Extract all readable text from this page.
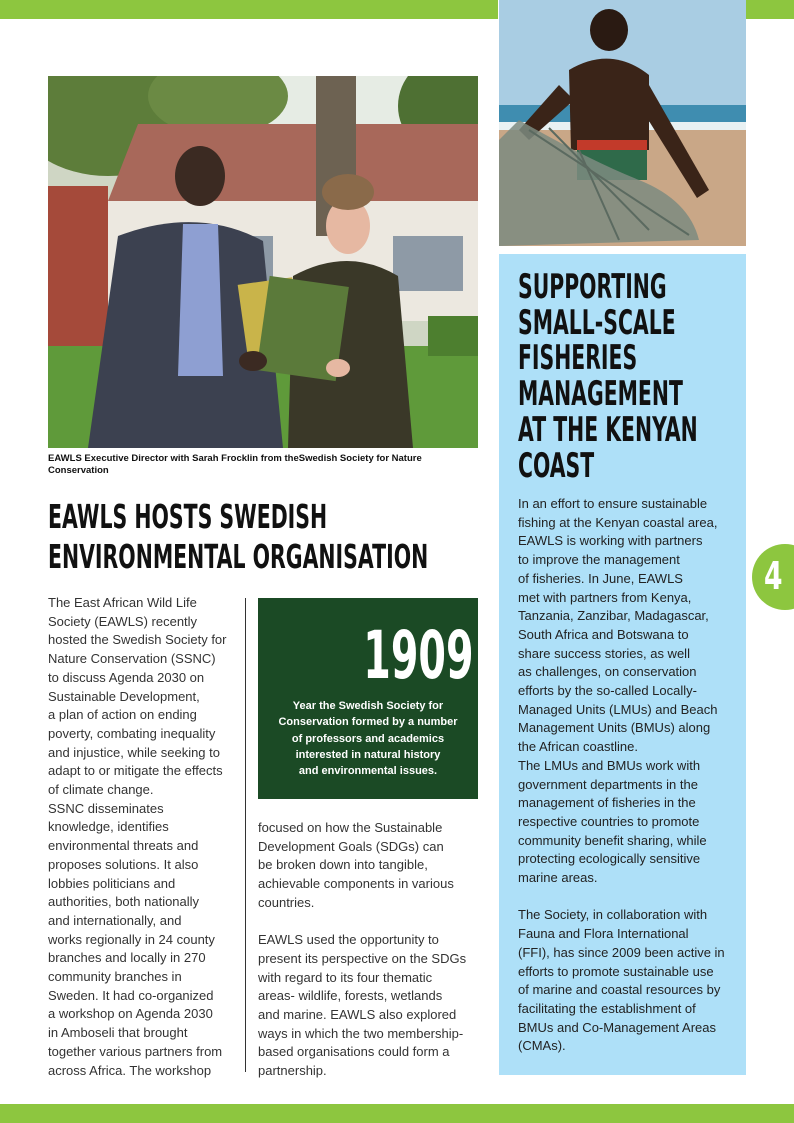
EAWLS Executive Director with Sarah Frocklin from theSwedish Society for Nature Conservation
EAWLS HOSTS SWEDISH
ENVIRONMENTAL ORGANISATION

The East African Wild Life
Society (EAWLS) recently
hosted the Swedish Society for
Nature Conservation (SSNC)
to discuss Agenda 2030 on
Sustainable Development,
a plan of action on ending
poverty, combating inequality
and injustice, while seeking to
adapt to or mitigate the effects
of climate change.
SSNC disseminates
knowledge, identifies
environmental threats and
proposes solutions. It also
lobbies politicians and
authorities, both nationally
and internationally, and
works regionally in 24 county
branches and locally in 270
community branches in
Sweden. It had co-organized
a workshop on Agenda 2030
in Amboseli that brought
together various partners from
across Africa. The workshop

1909
Year the Swedish Society for
Conservation formed by a number
of professors and academics
interested in natural history
and environmental issues.

focused on how the Sustainable
Development Goals (SDGs) can
be broken down into tangible,
achievable components in various
countries.

EAWLS used the opportunity to
present its perspective on the SDGs
with regard to its four thematic
areas- wildlife, forests, wetlands
and marine. EAWLS also explored
ways in which the two membership-
based organisations could form a
partnership.

SUPPORTING
SMALL-SCALE
FISHERIES
MANAGEMENT
AT THE KENYAN
COAST

In an effort to ensure sustainable
fishing at the Kenyan coastal area,
EAWLS is working with partners
to improve the management
of fisheries. In June, EAWLS
met with partners from Kenya,
Tanzania, Zanzibar, Madagascar,
South Africa and Botswana to
share success stories, as well
as challenges, on conservation
efforts by the so-called Locally-
Managed Units (LMUs) and Beach
Management Units (BMUs) along
the African coastline.
The LMUs and BMUs work with
government departments in the
management of fisheries in the
respective countries to promote
community benefit sharing, while
protecting ecologically sensitive
marine areas.

The Society, in collaboration with
Fauna and Flora International
(FFI), has since 2009 been active in
efforts to promote sustainable use
of marine and coastal resources by
facilitating the establishment of
BMUs and Co-Management Areas
(CMAs).

4
